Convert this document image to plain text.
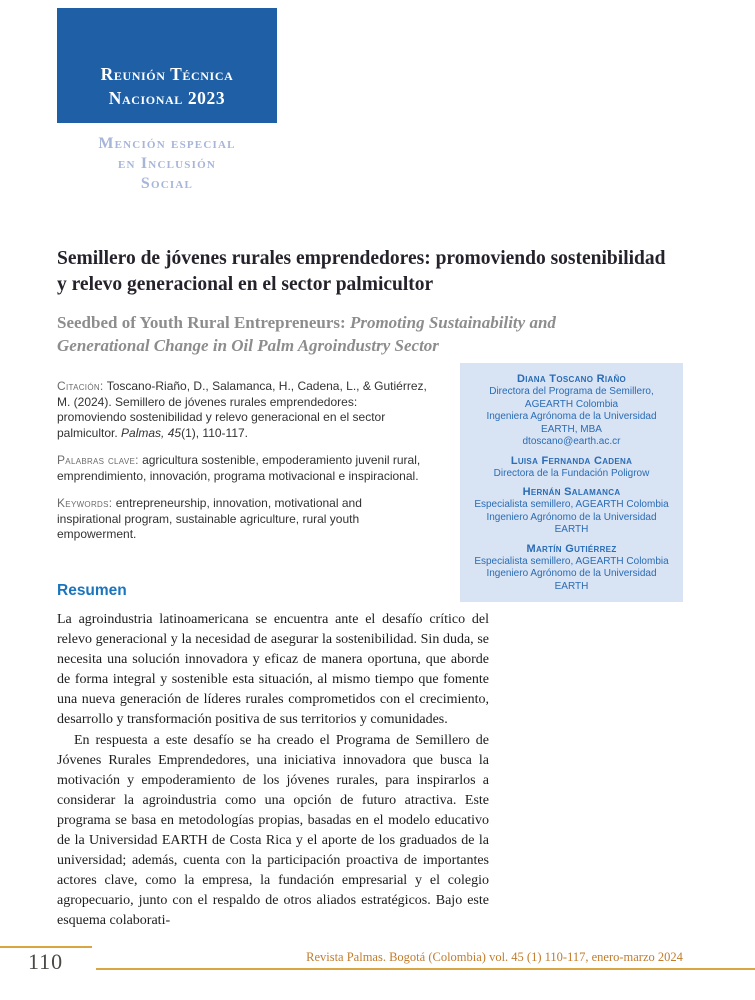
Reunión Técnica
Nacional 2023
Mención especial
en Inclusión
Social
Semillero de jóvenes rurales emprendedores: promoviendo sostenibilidad y relevo generacional en el sector palmicultor
Seedbed of Youth Rural Entrepreneurs: Promoting Sustainability and Generational Change in Oil Palm Agroindustry Sector

Citación: Toscano-Riaño, D., Salamanca, H., Cadena, L., & Gutiérrez, M. (2024). Semillero de jóvenes rurales emprendedores: promoviendo sostenibilidad y relevo generacional en el sector palmicultor. Palmas, 45(1), 110-117.

Palabras clave: agricultura sostenible, empoderamiento juvenil rural, emprendimiento, innovación, programa motivacional e inspiracional.

Keywords: entrepreneurship, innovation, motivational and inspirational program, sustainable agriculture, rural youth empowerment.

Resumen
Diana Toscano Riaño
Directora del Programa de Semillero,
AGEARTH Colombia
Ingeniera Agrónoma de la Universidad
EARTH, MBA
dtoscano@earth.ac.cr
Luisa Fernanda Cadena
Directora de la Fundación Poligrow
Hernán Salamanca
Especialista semillero, AGEARTH Colombia
Ingeniero Agrónomo de la Universidad
EARTH
Martín Gutiérrez
Especialista semillero, AGEARTH Colombia
Ingeniero Agrónomo de la Universidad
EARTH

La agroindustria latinoamericana se encuentra ante el desafío crítico del relevo generacional y la necesidad de asegurar la sostenibilidad. Sin duda, se necesita una solución innovadora y eficaz de manera oportuna, que aborde de forma integral y sostenible esta situación, al mismo tiempo que fomente una nueva generación de líderes rurales comprometidos con el crecimiento, desarrollo y transformación positiva de sus territorios y comunidades.

En respuesta a este desafío se ha creado el Programa de Semillero de Jóvenes Rurales Emprendedores, una iniciativa innovadora que busca la motivación y empoderamiento de los jóvenes rurales, para inspirarlos a considerar la agroindustria como una opción de futuro atractiva. Este programa se basa en metodologías propias, basadas en el modelo educativo de la Universidad EARTH de Costa Rica y el aporte de los graduados de la universidad; además, cuenta con la participación proactiva de importantes actores clave, como la empresa, la fundación empresarial y el colegio agropecuario, junto con el respaldo de otros aliados estratégicos. Bajo este esquema colaborati-

110	Revista Palmas. Bogotá (Colombia) vol. 45 (1) 110-117, enero-marzo 2024
